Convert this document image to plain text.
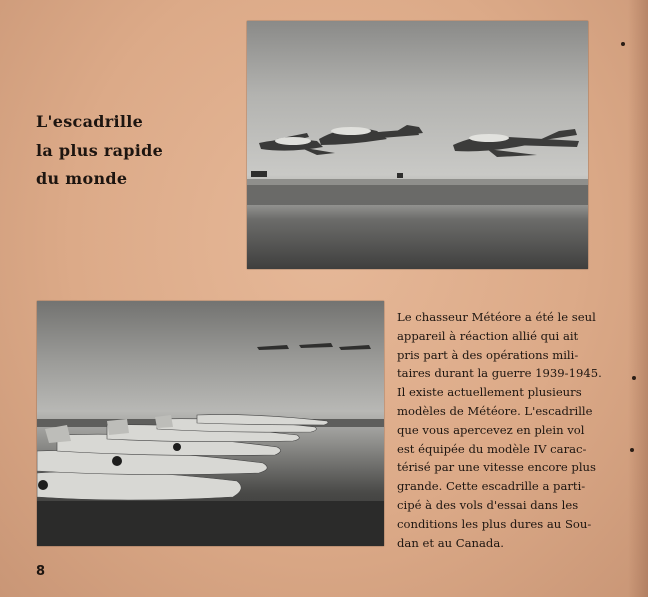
L'escadrille
la plus rapide
du monde
Le chasseur Météore a été le seul
appareil à réaction allié qui ait
pris part à des opérations mili-
taires durant la guerre 1939-1945.
Il existe actuellement plusieurs
modèles de Météore. L'escadrille
que vous apercevez en plein vol
est équipée du modèle IV carac-
térisé par une vitesse encore plus
grande. Cette escadrille a parti-
cipé à des vols d'essai dans les
conditions les plus dures au Sou-
dan et au Canada.
8
